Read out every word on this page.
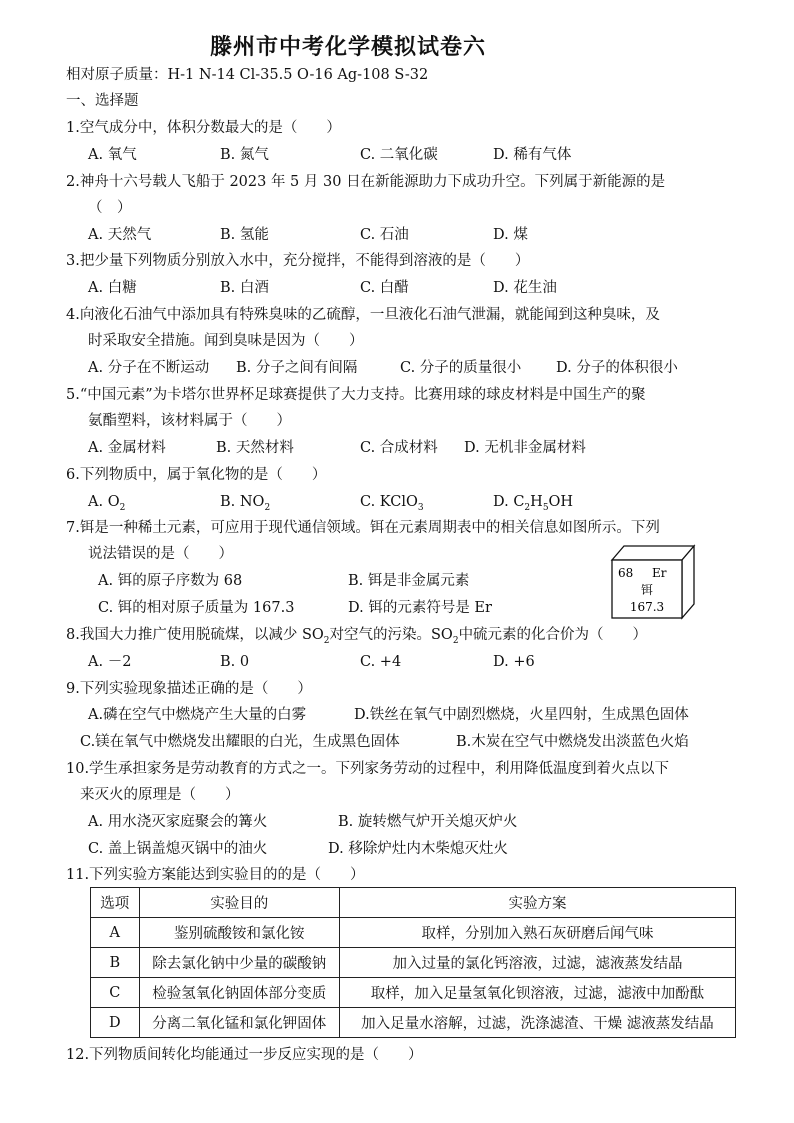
滕州市中考化学模拟试卷六
相对原子质量：H-1 N-14 Cl-35.5 O-16 Ag-108 S-32
一、选择题
1.空气成分中，体积分数最大的是（　　）
A. 氧气	B. 氮气	C. 二氧化碳	D. 稀有气体
2.神舟十六号载人飞船于 2023 年 5 月 30 日在新能源助力下成功升空。下列属于新能源的是
（　）
A. 天然气	B. 氢能	C. 石油	D. 煤
3.把少量下列物质分别放入水中，充分搅拌，不能得到溶液的是（　　）
A. 白糖	B. 白酒	C. 白醋	D. 花生油
4.向液化石油气中添加具有特殊臭味的乙硫醇，一旦液化石油气泄漏，就能闻到这种臭味，及
时采取安全措施。闻到臭味是因为（　　）
A. 分子在不断运动 B. 分子之间有间隔	C. 分子的质量很小 D. 分子的体积很小
5.“中国元素”为卡塔尔世界杯足球赛提供了大力支持。比赛用球的球皮材料是中国生产的聚
氨酯塑料，该材料属于（　　）
A. 金属材料	B. 天然材料	C. 合成材料 D. 无机非金属材料
6.下列物质中，属于氧化物的是（　　）
A. $O_2$	B. $NO_2$	C. KClO$_3$	D. $C_2H_5OH$
7.铒是一种稀土元素，可应用于现代通信领域。铒在元素周期表中的相关信息如图所示。下列
说法错误的是（　　）
A. 铒的原子序数为 68	B. 铒是非金属元素
C. 铒的相对原子质量为 167.3	D. 铒的元素符号是 Er
68 Er
铒
167.3
8.我国大力推广使用脱硫煤，以减少 $SO_2$对空气的污染。$SO_2$中硫元素的化合价为（　　）
A. －2	B. 0	C. +4	D. +6
9.下列实验现象描述正确的是（　　）
A.磷在空气中燃烧产生大量的白雾	D.铁丝在氧气中剧烈燃烧，火星四射，生成黑色固体
C.镁在氧气中燃烧发出耀眼的白光，生成黑色固体	B.木炭在空气中燃烧发出淡蓝色火焰
10.学生承担家务是劳动教育的方式之一。下列家务劳动的过程中，利用降低温度到着火点以下
来灭火的原理是（　　）
A. 用水浇灭家庭聚会的篝火	B. 旋转燃气炉开关熄灭炉火
C. 盖上锅盖熄灭锅中的油火	D. 移除炉灶内木柴熄灭灶火
11.下列实验方案能达到实验目的的是（　　）
选项	实验目的	实验方案
A	鉴别硫酸铵和氯化铵	取样，分别加入熟石灰研磨后闻气味
B	除去氯化钠中少量的碳酸钠	加入过量的氯化钙溶液，过滤，滤液蒸发结晶
C	检验氢氧化钠固体部分变质	取样，加入足量氢氧化钡溶液，过滤，滤液中加酚酞
D	分离二氧化锰和氯化钾固体	加入足量水溶解，过滤，洗涤滤渣、干燥 滤液蒸发结晶
12.下列物质间转化均能通过一步反应实现的是（　　）
